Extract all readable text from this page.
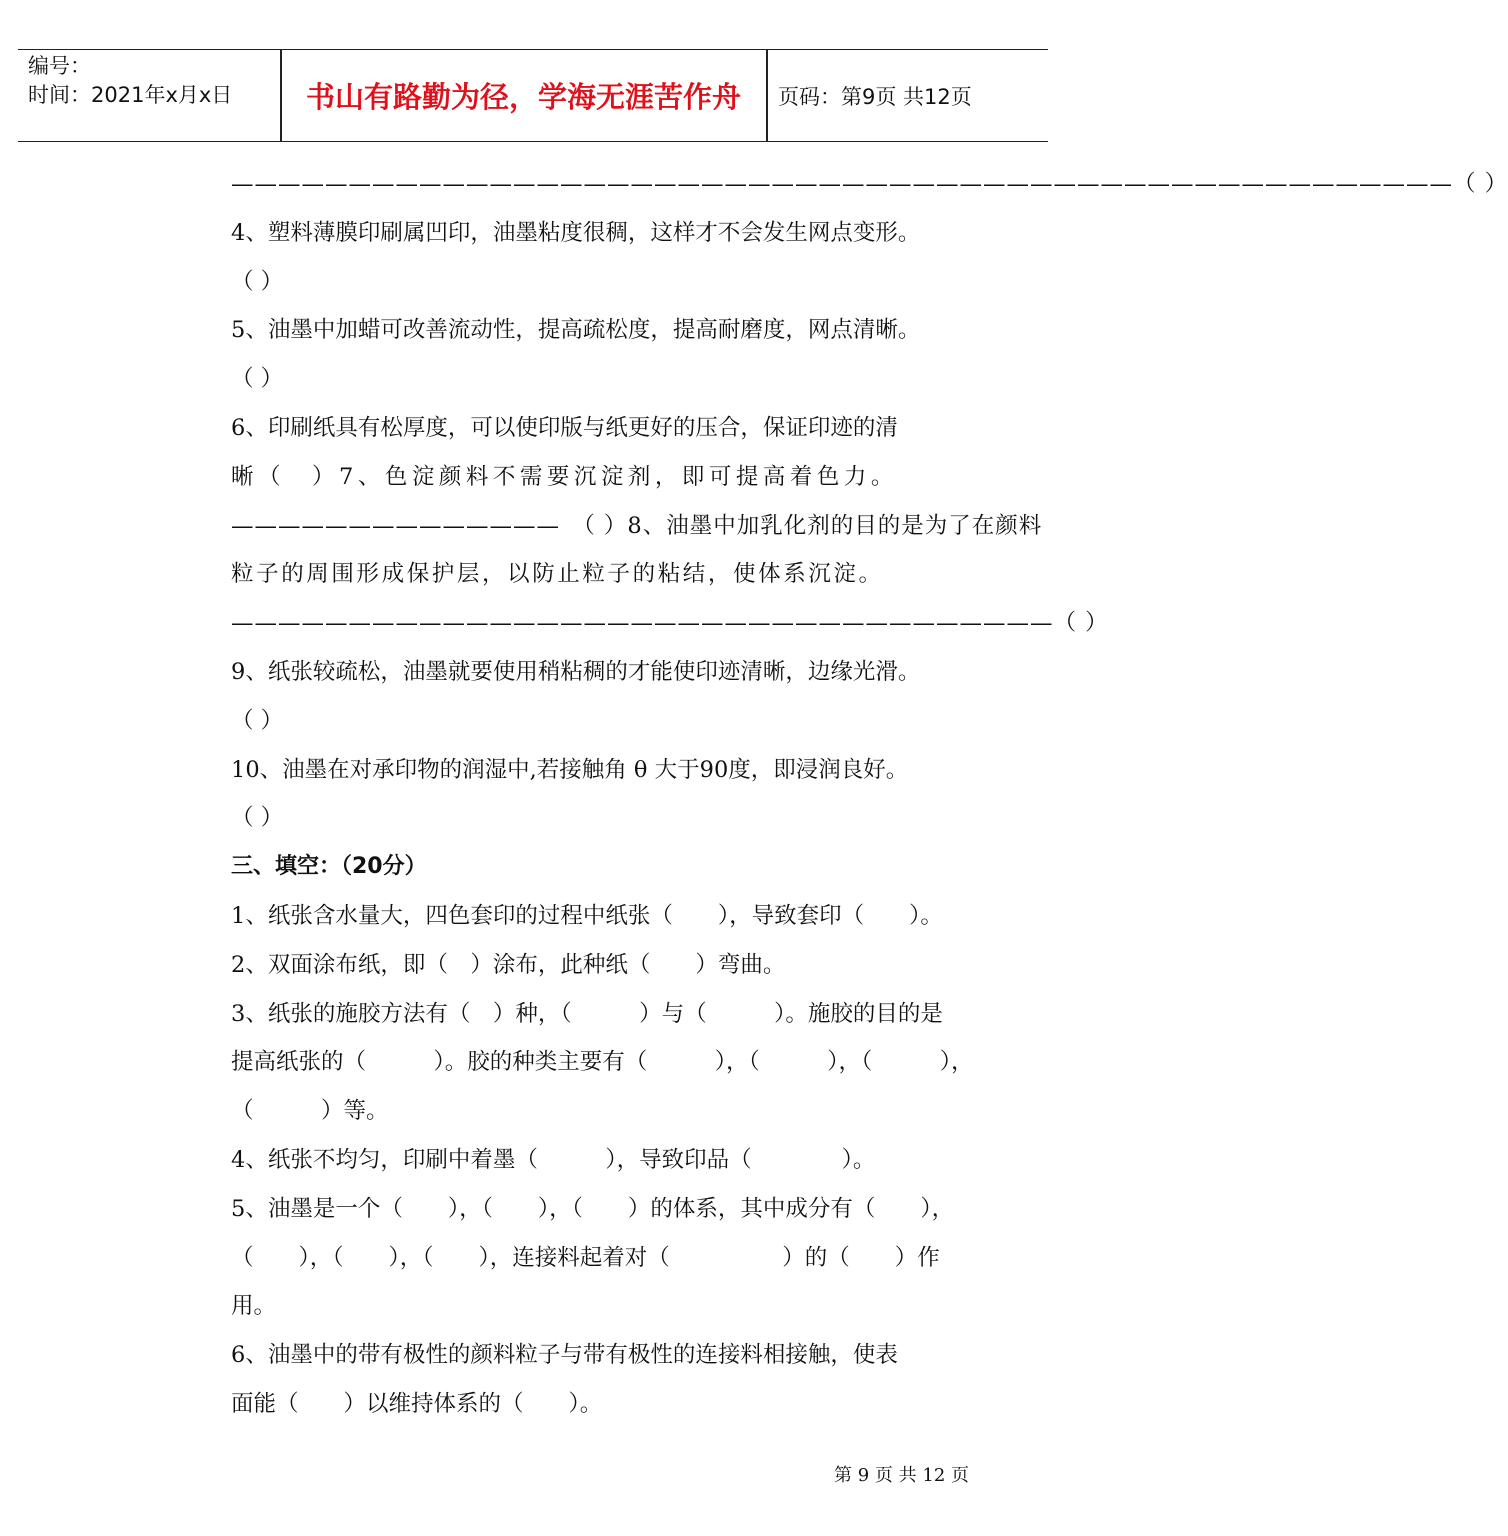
编号：
时间：2021年x月x日	书山有路勤为径，学海无涯苦作舟	页码：第9页 共12页
————————————————————————————————————————————————————（ ）
4、塑料薄膜印刷属凹印，油墨粘度很稠，这样才不会发生网点变形。
（ ）
5、油墨中加蜡可改善流动性，提高疏松度，提高耐磨度，网点清晰。
（ ）
6、印刷纸具有松厚度，可以使印版与纸更好的压合，保证印迹的清
晰（　）7、色淀颜料不需要沉淀剂，即可提高着色力。
——————————————　（ ）8、油墨中加乳化剂的目的是为了在颜料
粒子的周围形成保护层，以防止粒子的粘结，使体系沉淀。
———————————————————————————————————（ ）
9、纸张较疏松，油墨就要使用稍粘稠的才能使印迹清晰，边缘光滑。
（ ）
10、油墨在对承印物的润湿中,若接触角 θ 大于90度，即浸润良好。
（ ）
三、填空：（20分）
1、纸张含水量大，四色套印的过程中纸张（　　），导致套印（　　）。
2、双面涂布纸，即（　）涂布，此种纸（　　）弯曲。
3、纸张的施胶方法有（　）种，（　　　）与（　　　）。施胶的目的是
提高纸张的（　　　）。胶的种类主要有（　　　），（　　　），（　　　），
（　　　）等。
4、纸张不均匀，印刷中着墨（　　　），导致印品（　　　　）。
5、油墨是一个（　　），（　　），（　　）的体系，其中成分有（　　），
（　　），（　　），（　　），连接料起着对（　　　　　）的（　　）作
用。
6、油墨中的带有极性的颜料粒子与带有极性的连接料相接触，使表
面能（　　）以维持体系的（　　）。
第 9 页 共 12 页
